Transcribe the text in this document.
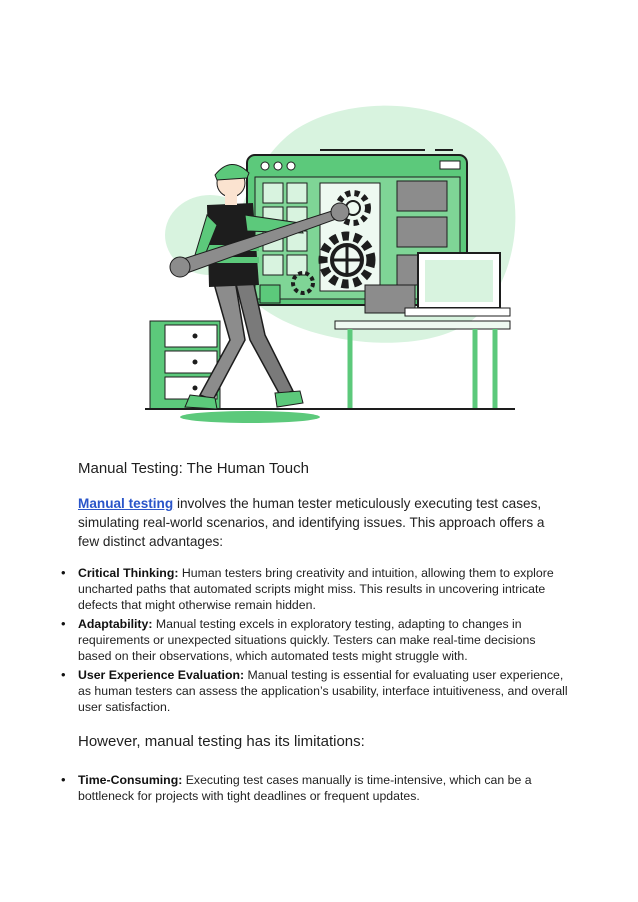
Manual Testing: The Human Touch

Manual testing involves the human tester meticulously executing test cases, simulating real-world scenarios, and identifying issues. This approach offers a few distinct advantages:

• Critical Thinking: Human testers bring creativity and intuition, allowing them to explore uncharted paths that automated scripts might miss. This results in uncovering intricate defects that might otherwise remain hidden.
• Adaptability: Manual testing excels in exploratory testing, adapting to changes in requirements or unexpected situations quickly. Testers can make real-time decisions based on their observations, which automated tests might struggle with.
• User Experience Evaluation: Manual testing is essential for evaluating user experience, as human testers can assess the application’s usability, interface intuitiveness, and overall user satisfaction.
However, manual testing has its limitations:
• Time-Consuming: Executing test cases manually is time-intensive, which can be a bottleneck for projects with tight deadlines or frequent updates.
